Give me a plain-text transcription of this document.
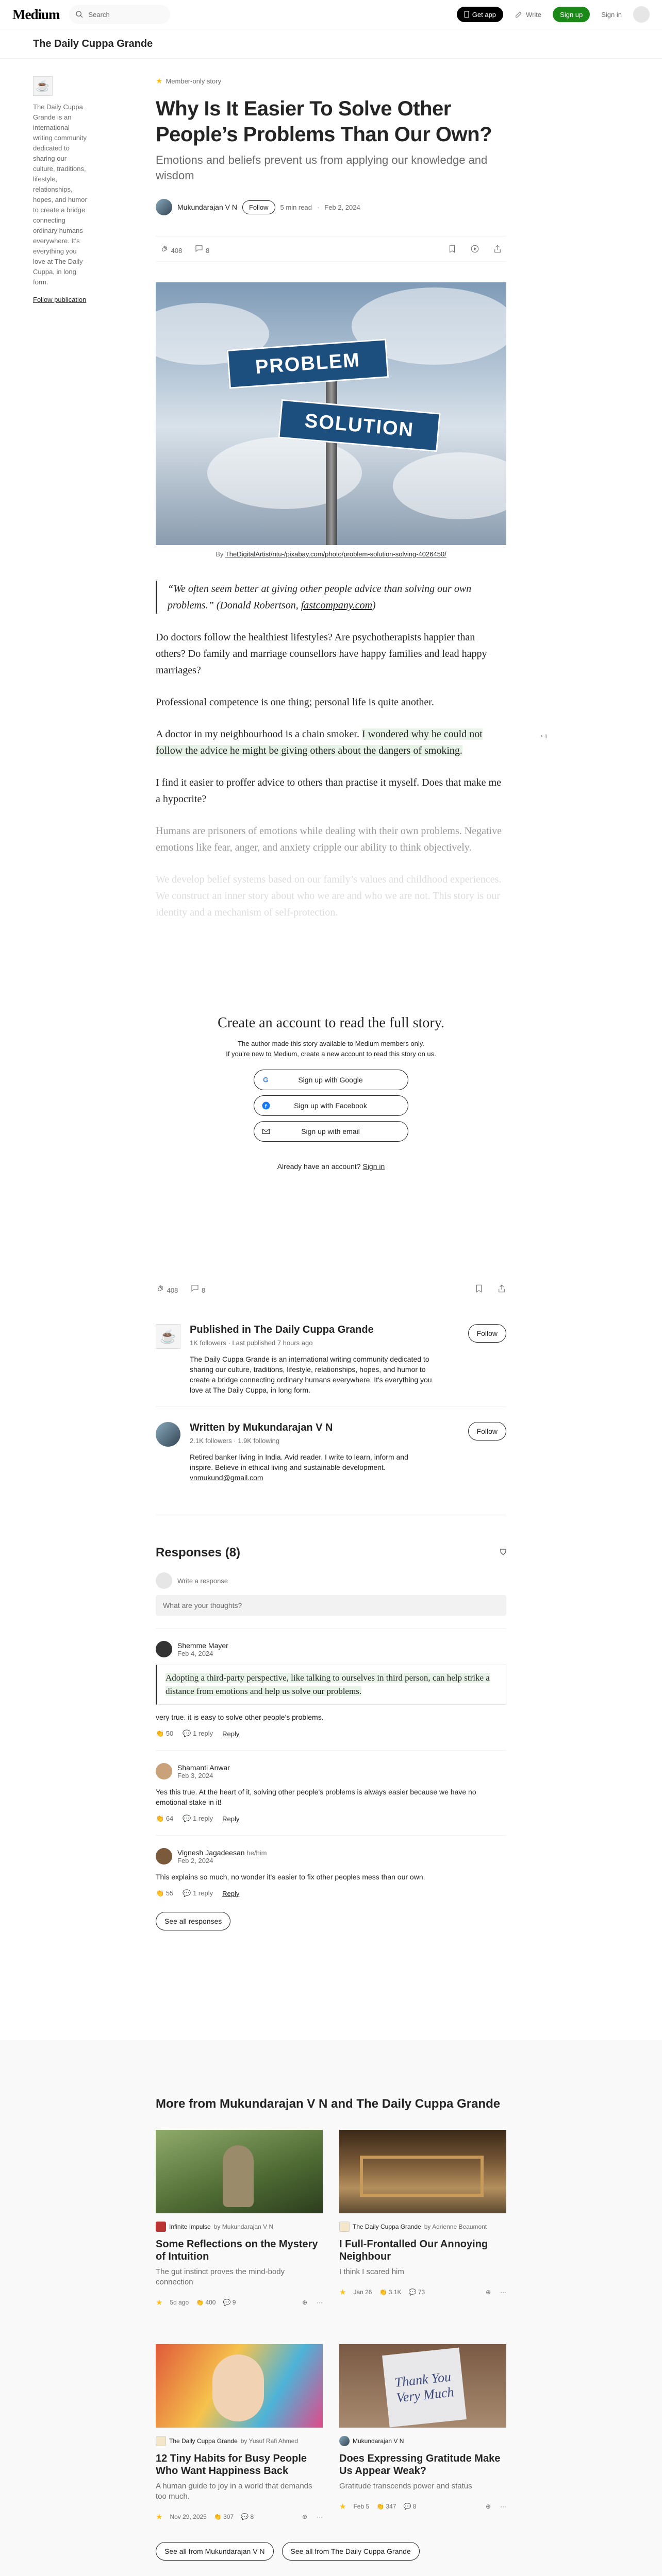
Medium	Search	Get app	Write	Sign up	Sign in
The Daily Cuppa Grande
☕

The Daily Cuppa Grande is an international writing community dedicated to sharing our culture, traditions, lifestyle, relationships, hopes, and humor to create a bridge connecting ordinary humans everywhere. It's everything you love at The Daily Cuppa, in long form.

Follow publication

★ Member-only story
Why Is It Easier To Solve Other People’s Problems Than Our Own?

Emotions and beliefs prevent us from applying our knowledge and wisdom

Mukundarajan V N	Follow	5 min read · Feb 2, 2024
408	8
PROBLEM
SOLUTION

By TheDigitalArtist/ntu-/pixabay.com/photo/problem-solution-solving-4026450/

“We often seem better at giving other people advice than solving our own problems.” (Donald Robertson, fastcompany.com)

Do doctors follow the healthiest lifestyles? Are psychotherapists happier than others? Do family and marriage counsellors have happy families and lead happy marriages?

Professional competence is one thing; personal life is quite another.

A doctor in my neighbourhood is a chain smoker. I wondered why he could not follow the advice he might be giving others about the dangers of smoking.
◔ 1

I find it easier to proffer advice to others than practise it myself. Does that make me a hypocrite?

Humans are prisoners of emotions while dealing with their own problems. Negative emotions like fear, anger, and anxiety cripple our ability to think objectively.

We develop belief systems based on our family’s values and childhood experiences. We construct an inner story about who we are and who we are not. This story is our identity and a mechanism of self-protection.

Create an account to read the full story.

The author made this story available to Medium members only.

If you’re new to Medium, create a new account to read this story on us.

G	Sign up with Google
f	Sign up with Facebook
Sign up with email

Already have an account? Sign in

408	8
☕	Published in The Daily Cuppa Grande

1K followers · Last published 7 hours ago

The Daily Cuppa Grande is an international writing community dedicated to sharing our culture, traditions, lifestyle, relationships, hopes, and humor to create a bridge connecting ordinary humans everywhere. It's everything you love at The Daily Cuppa, in long form.

Follow
Written by Mukundarajan V N

2.1K followers · 1.9K following

Retired banker living in India. Avid reader. I write to learn, inform and inspire. Believe in ethical living and sustainable development. vnmukund@gmail.com

Follow
Responses (8)	⛉
Write a response
What are your thoughts?
Shemme Mayer
Feb 4, 2024
Adopting a third-party perspective, like talking to ourselves in third person, can help strike a distance from emotions and help us solve our problems.

very true. it is easy to solve other people's problems.

👏 50 💬 1 reply Reply
Shamanti Anwar
Feb 3, 2024

Yes this true. At the heart of it, solving other people's problems is always easier because we have no emotional stake in it!

👏 64 💬 1 reply Reply
Vignesh Jagadeesan he/him
Feb 2, 2024

This explains so much, no wonder it's easier to fix other peoples mess than our own.

👏 55 💬 1 reply Reply
See all responses
More from Mukundarajan V N and The Daily Cuppa Grande
Infinite Impulse by Mukundarajan V N
Some Reflections on the Mystery of Intuition
The gut instinct proves the mind-body connection
★ 5d ago 👏 400 💬 9	⊕ ···
The Daily Cuppa Grande by Adrienne Beaumont
I Full-Frontalled Our Annoying Neighbour
I think I scared him
★ Jan 26 👏 3.1K 💬 73	⊕ ···
The Daily Cuppa Grande by Yusuf Rafi Ahmed
12 Tiny Habits for Busy People Who Want Happiness Back
A human guide to joy in a world that demands too much.
★ Nov 29, 2025 👏 307 💬 8	⊕ ···
Thank You
Very Much
Mukundarajan V N
Does Expressing Gratitude Make Us Appear Weak?
Gratitude transcends power and status
★ Feb 5 👏 347 💬 8	⊕ ···
See all from Mukundarajan V N	See all from The Daily Cuppa Grande
